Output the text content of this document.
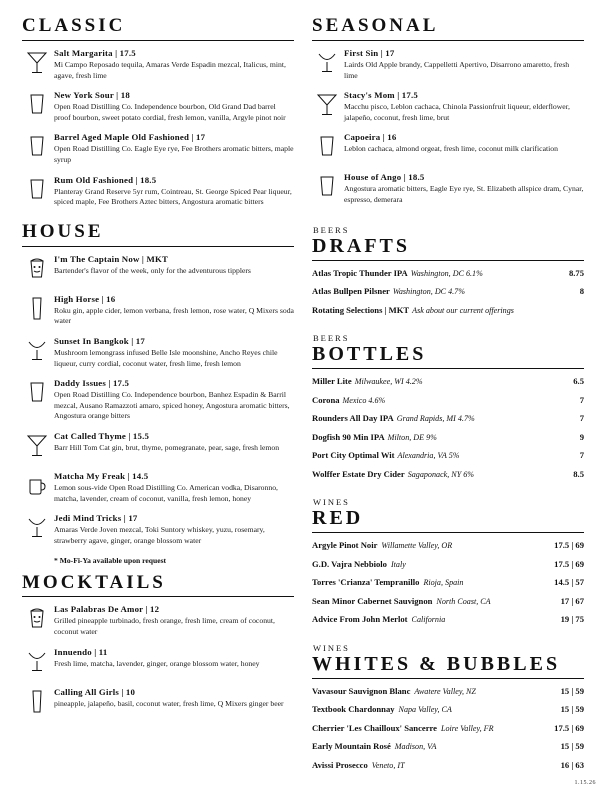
CLASSIC
Salt Margarita | 17.5
Mi Campo Reposado tequila, Amaras Verde Espadin mezcal, Italicus, mint, agave, fresh lime
New York Sour | 18
Open Road Distilling Co. Independence bourbon, Old Grand Dad barrel proof bourbon, sweet potato cordial, fresh lemon, vanilla, Argyle pinot noir
Barrel Aged Maple Old Fashioned | 17
Open Road Distilling Co. Eagle Eye rye, Fee Brothers aromatic bitters, maple syrup
Rum Old Fashioned | 18.5
Planteray Grand Reserve 5yr rum, Cointreau, St. George Spiced Pear liqueur, spiced maple, Fee Brothers Aztec bitters, Angostura aromatic bitters
HOUSE
I'm The Captain Now | MKT
Bartender's flavor of the week, only for the adventurous tipplers
High Horse | 16
Roku gin, apple cider, lemon verbana, fresh lemon, rose water, Q Mixers soda water
Sunset In Bangkok | 17
Mushroom lemongrass infused Belle Isle moonshine, Ancho Reyes chile liqueur, curry cordial, coconut water, fresh lime, fresh lemon
Daddy Issues | 17.5
Open Road Distilling Co. Independence bourbon, Banhez Espadin & Barril mezcal, Ausano Ramazzoti amaro, spiced honey, Angostura aromatic bitters, Angostura orange bitters
Cat Called Thyme | 15.5
Barr Hill Tom Cat gin, brut, thyme, pomegranate, pear, sage, fresh lemon
Matcha My Freak | 14.5
Lemon sous-vide Open Road Distilling Co. American vodka, Disaronno, matcha, lavender, cream of coconut, vanilla, fresh lemon, honey
Jedi Mind Tricks | 17
Amaras Verde Joven mezcal, Toki Suntory whiskey, yuzu, rosemary, strawberry agave, ginger, orange blossom water
* Mo-Fi-Ya available upon request
MOCKTAILS
Las Palabras De Amor | 12
Grilled pineapple turbinado, fresh orange, fresh lime, cream of coconut, coconut water
Innuendo | 11
Fresh lime, matcha, lavender, ginger, orange blossom water, honey
Calling All Girls | 10
pineapple, jalapeño, basil, coconut water, fresh lime, Q Mixers ginger beer
SEASONAL
First Sin | 17
Lairds Old Apple brandy, Cappelletti Apertivo, Disarrono amaretto, fresh lime
Stacy's Mom | 17.5
Macchu pisco, Leblon cachaca, Chinola Passionfruit liqueur, elderflower, jalapeño, coconut, fresh lime, brut
Capoeira | 16
Leblon cachaca, almond orgeat, fresh lime, coconut milk clarification
House of Ango | 18.5
Angostura aromatic bitters, Eagle Eye rye, St. Elizabeth allspice dram, Cynar, espresso, demerara
BEERS
DRAFTS
Atlas Tropic Thunder IPA Washington, DC 6.1%	8.75
Atlas Bullpen Pilsner Washington, DC 4.7%	8
Rotating Selections | MKT Ask about our current offerings
BEERS
BOTTLES
Miller Lite Milwaukee, WI 4.2%	6.5
Corona Mexico 4.6%	7
Rounders All Day IPA Grand Rapids, MI 4.7%	7
Dogfish 90 Min IPA Milton, DE 9%	9
Port City Optimal Wit Alexandria, VA 5%	7
Wolffer Estate Dry Cider Sagaponack, NY 6%	8.5
WINES
RED
Argyle Pinot Noir Willamette Valley, OR	17.5 | 69
G.D. Vajra Nebbiolo Italy	17.5 | 69
Torres 'Crianza' Tempranillo Rioja, Spain	14.5 | 57
Sean Minor Cabernet Sauvignon North Coast, CA	17 | 67
Advice From John Merlot California	19 | 75
WINES
WHITES & BUBBLES
Vavasour Sauvignon Blanc Awatere Valley, NZ	15 | 59
Textbook Chardonnay Napa Valley, CA	15 | 59
Cherrier 'Les Chailloux' Sancerre Loire Valley, FR	17.5 | 69
Early Mountain Rosé Madison, VA	15 | 59
Avissi Prosecco Veneto, IT	16 | 63
1.15.26
